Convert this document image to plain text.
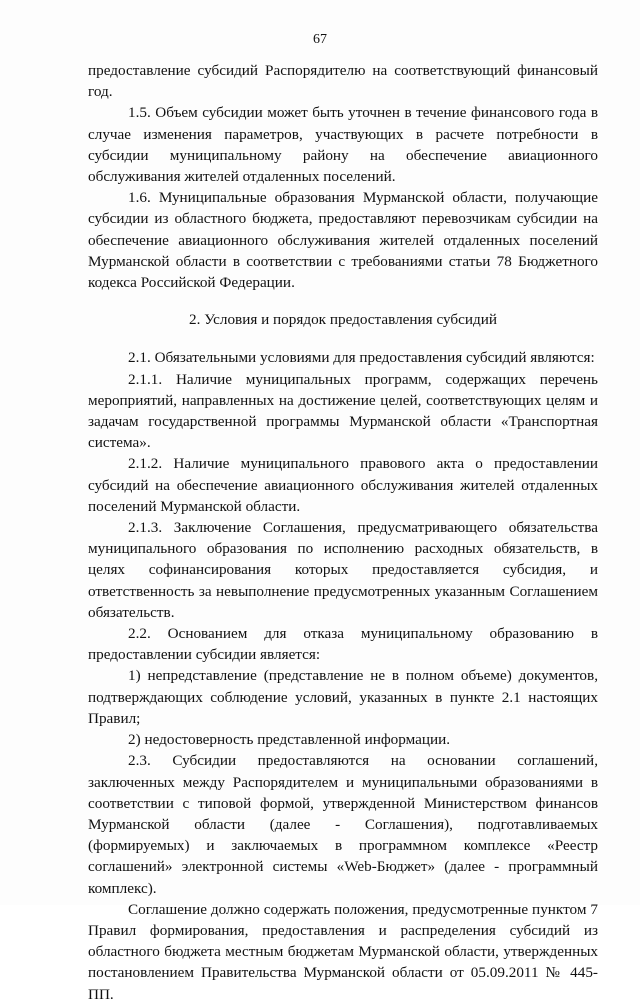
67

предоставление субсидий Распорядителю на соответствующий финансовый год.

1.5. Объем субсидии может быть уточнен в течение финансового года в случае изменения параметров, участвующих в расчете потребности в субсидии муниципальному району на обеспечение авиационного обслуживания жителей отдаленных поселений.

1.6. Муниципальные образования Мурманской области, получающие субсидии из областного бюджета, предоставляют перевозчикам субсидии на обеспечение авиационного обслуживания жителей отдаленных поселений Мурманской области в соответствии с требованиями статьи 78 Бюджетного кодекса Российской Федерации.

2. Условия и порядок предоставления субсидий

2.1. Обязательными условиями для предоставления субсидий являются:

2.1.1. Наличие муниципальных программ, содержащих перечень мероприятий, направленных на достижение целей, соответствующих целям и задачам государственной программы Мурманской области «Транспортная система».

2.1.2. Наличие муниципального правового акта о предоставлении субсидий на обеспечение авиационного обслуживания жителей отдаленных поселений Мурманской области.

2.1.3. Заключение Соглашения, предусматривающего обязательства муниципального образования по исполнению расходных обязательств, в целях софинансирования которых предоставляется субсидия, и ответственность за невыполнение предусмотренных указанным Соглашением обязательств.

2.2. Основанием для отказа муниципальному образованию в предоставлении субсидии является:

1) непредставление (представление не в полном объеме) документов, подтверждающих соблюдение условий, указанных в пункте 2.1 настоящих Правил;

2) недостоверность представленной информации.

2.3. Субсидии предоставляются на основании соглашений, заключенных между Распорядителем и муниципальными образованиями в соответствии с типовой формой, утвержденной Министерством финансов Мурманской области (далее - Соглашения), подготавливаемых (формируемых) и заключаемых в программном комплексе «Реестр соглашений» электронной системы «Web-Бюджет» (далее - программный комплекс).

Соглашение должно содержать положения, предусмотренные пунктом 7 Правил формирования, предоставления и распределения субсидий из областного бюджета местным бюджетам Мурманской области, утвержденных постановлением Правительства Мурманской области от 05.09.2011 № 445-ПП.
